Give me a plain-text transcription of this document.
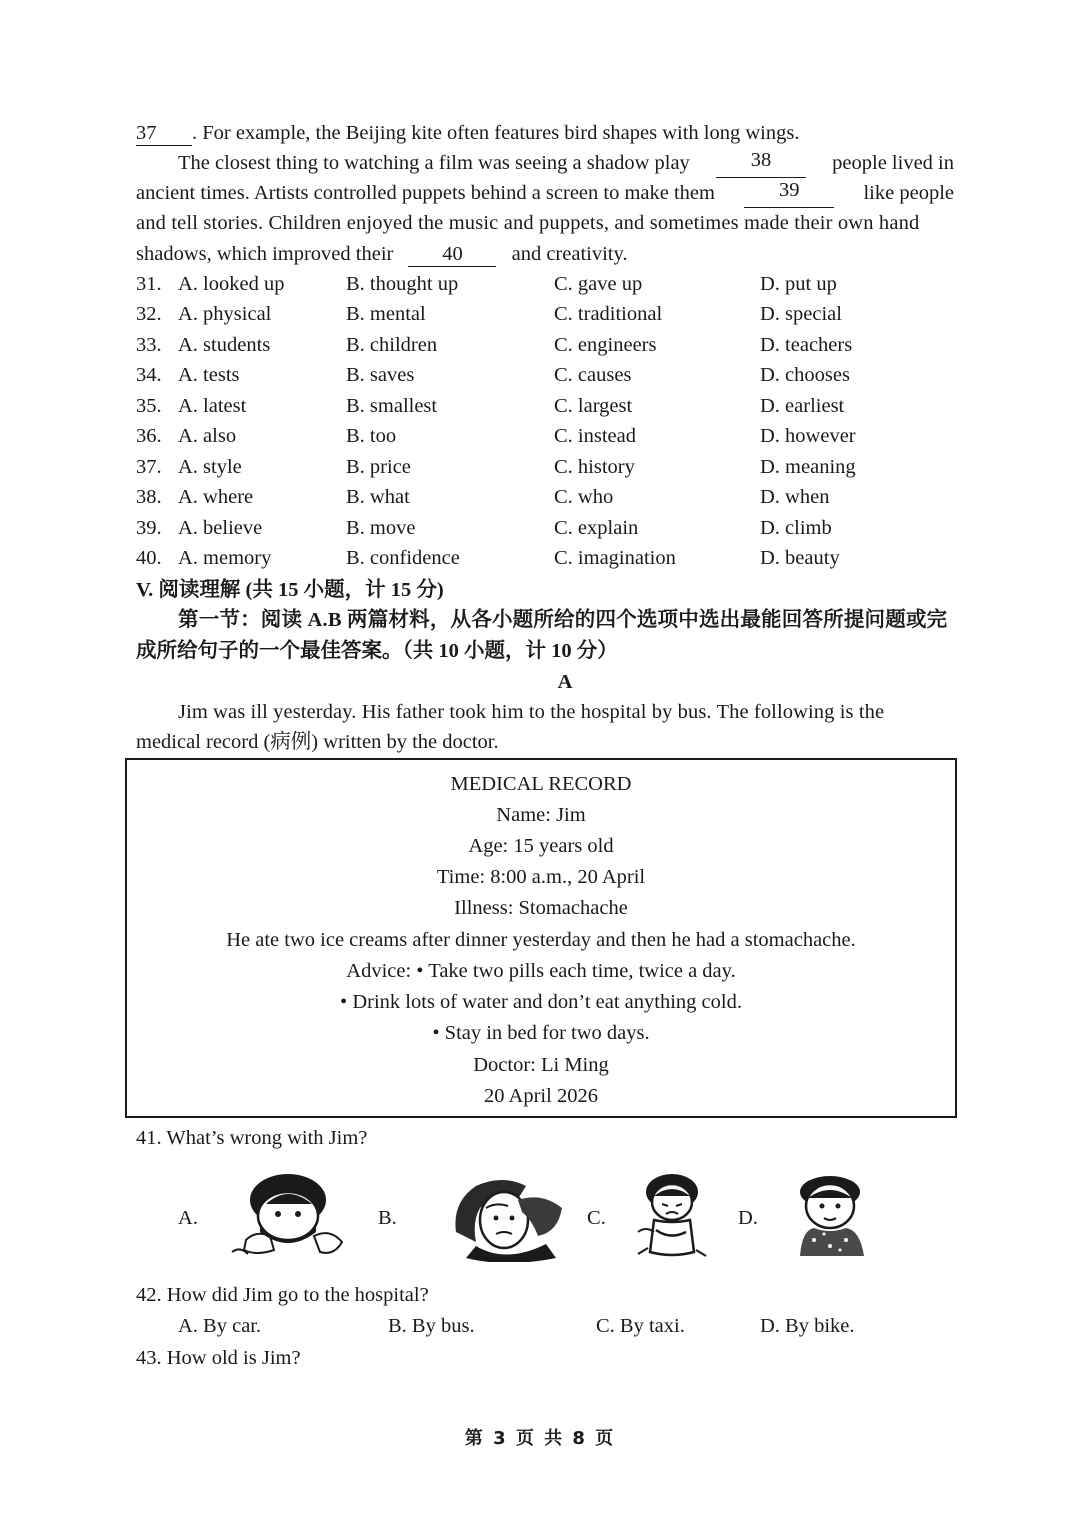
37 . For example, the Beijing kite often features bird shapes with long wings.
The closest thing to watching a film was seeing a shadow play	38	people lived in
ancient times. Artists controlled puppets behind a screen to make them	39	like people
and tell stories. Children enjoyed the music and puppets, and sometimes made their own hand
shadows, which improved their 40 and creativity.
31. A. looked up	B. thought up	C. gave up	D. put up
32. A. physical	B. mental	C. traditional	D. special
33. A. students	B. children	C. engineers	D. teachers
34. A. tests	B. saves	C. causes	D. chooses
35. A. latest	B. smallest	C. largest	D. earliest
36. A. also	B. too	C. instead	D. however
37. A. style	B. price	C. history	D. meaning
38. A. where	B. what	C. who	D. when
39. A. believe	B. move	C. explain	D. climb
40. A. memory	B. confidence	C. imagination	D. beauty
V. 阅读理解 (共 15 小题，计 15 分)
第一节：阅读 A.B 两篇材料，从各小题所给的四个选项中选出最能回答所提问题或完
成所给句子的一个最佳答案。（共 10 小题，计 10 分）
A
Jim was ill yesterday. His father took him to the hospital by bus. The following is the
medical record (病例) written by the doctor.
MEDICAL RECORD
Name: Jim
Age: 15 years old
Time: 8:00 a.m., 20 April
Illness: Stomachache
He ate two ice creams after dinner yesterday and then he had a stomachache.
Advice: • Take two pills each time, twice a day.
• Drink lots of water and don’t eat anything cold.
• Stay in bed for two days.
Doctor: Li Ming
20 April 2026
41. What’s wrong with Jim?
A.	B.	C.	D.
42. How did Jim go to the hospital?
A. By car.	B. By bus.	C. By taxi.	D. By bike.
43. How old is Jim?
第 3 页 共 8 页
